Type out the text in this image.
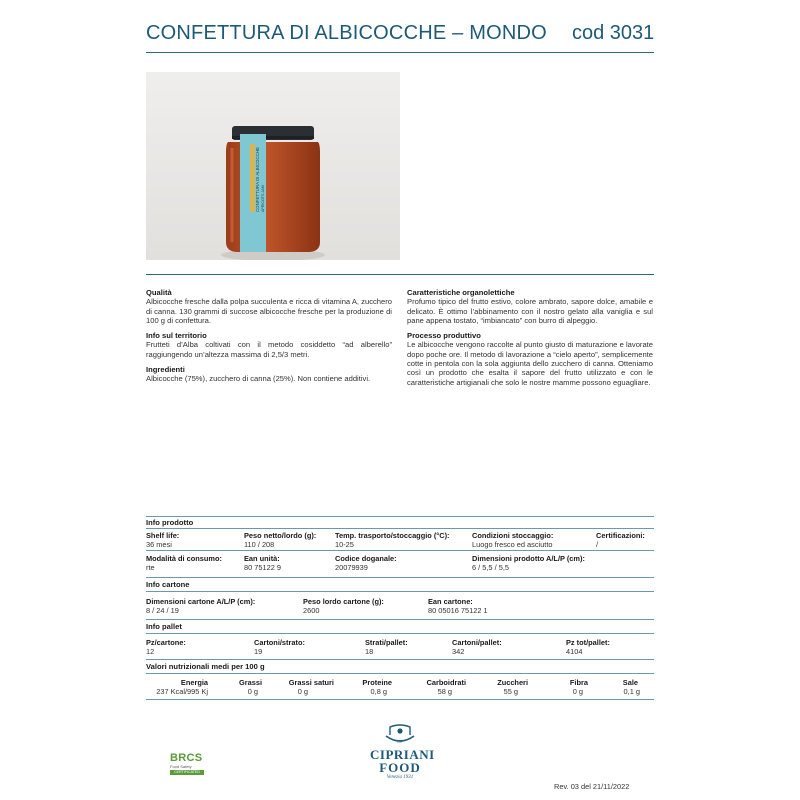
CONFETTURA DI ALBICOCCHE – MONDO cod 3031
CONFETTURA DI ALBICOCCHE APRICOTS JAM
Qualità

Albicocche fresche dalla polpa succulenta e ricca di vitamina A, zucchero di canna. 130 grammi di succose albicocche fresche per la produzione di 100 g di confettura.

Info sul territorio

Frutteti d’Alba coltivati con il metodo cosiddetto “ad alberello” raggiungendo un’altezza massima di 2,5/3 metri.

Ingredienti

Albicocche (75%), zucchero di canna (25%). Non contiene additivi.

Caratteristiche organolettiche

Profumo tipico del frutto estivo, colore ambrato, sapore dolce, amabile e delicato. È ottimo l’abbinamento con il nostro gelato alla vaniglia e sul pane appena tostato, “imbiancato” con burro di alpeggio.

Processo produttivo

Le albicocche vengono raccolte al punto giusto di maturazione e lavorate dopo poche ore. Il metodo di lavorazione a “cielo aperto”, semplicemente cotte in pentola con la sola aggiunta dello zucchero di canna. Otteniamo così un prodotto che esalta il sapore del frutto utilizzato e con le caratteristiche artigianali che solo le nostre mamme possono eguagliare.

Info prodotto
Shelf life:
36 mesi
Peso netto/lordo (g):
110 / 208
Temp. trasporto/stoccaggio (°C):
10-25
Condizioni stoccaggio:
Luogo fresco ed asciutto
Certificazioni:
/
Modalità di consumo:
rte
Ean unità:
80 75122 9
Codice doganale:
20079939
Dimensioni prodotto A/L/P (cm):
6 / 5,5 / 5,5
Info cartone
Dimensioni cartone A/L/P (cm):
8 / 24 / 19
Peso lordo cartone (g):
2600
Ean cartone:
80 05016 75122 1
Info pallet
Pz/cartone:
12
Cartoni/strato:
19
Strati/pallet:
18
Cartoni/pallet:
342
Pz tot/pallet:
4104
Valori nutrizionali medi per 100 g
Energia
237 Kcal/995 Kj
Grassi
0 g
Grassi saturi
0 g
Proteine
0,8 g
Carboidrati
58 g
Zuccheri
55 g
Fibra
0 g
Sale
0,1 g
BRCS
Food Safety
CERTIFICATED
CF
CIPRIANI
FOOD
Venezia 1931
Rev. 03 del 21/11/2022
